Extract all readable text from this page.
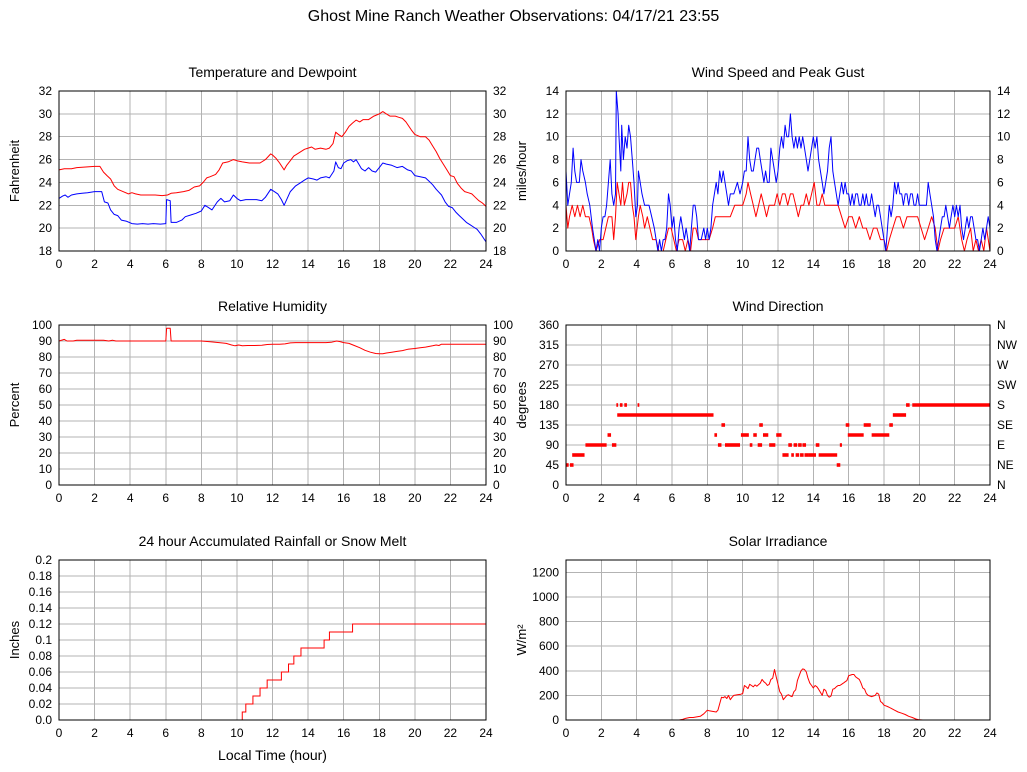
Ghost Mine Ranch Weather Observations: 04/17/21 23:55
Temperature and Dewpoint
18	18
20	20
22	22
24	24
26	26
28	28
30	30
32	32
0 2 4 6 8 10 12 14 16 18 20 22 24
Fahrenheit
Wind Speed and Peak Gust
0	0
2	2
4	4
6	6
8	8
10	10
12	12
14	14
0 2 4 6 8 10 12 14 16 18 20 22 24
miles/hour
Relative Humidity
0	0
10	10
20	20
30	30
40	40
50	50
60	60
70	70
80	80
90	90
100	100
0 2 4 6 8 10 12 14 16 18 20 22 24
Percent
Wind Direction
0	N
45	NE
90	E
135	SE
180	S
225	SW
270	W
315	NW
360	N
0 2 4 6 8 10 12 14 16 18 20 22 24
degrees
24 hour Accumulated Rainfall or Snow Melt
0.0
0.02
0.04
0.06
0.08
0.1
0.12
0.14
0.16
0.18
0.2
0 2 4 6 8 10 12 14 16 18 20 22 24
Inches
Local Time (hour)
Solar Irradiance
0
200
400
600
800
1000
1200
0 2 4 6 8 10 12 14 16 18 20 22 24
W/m²
